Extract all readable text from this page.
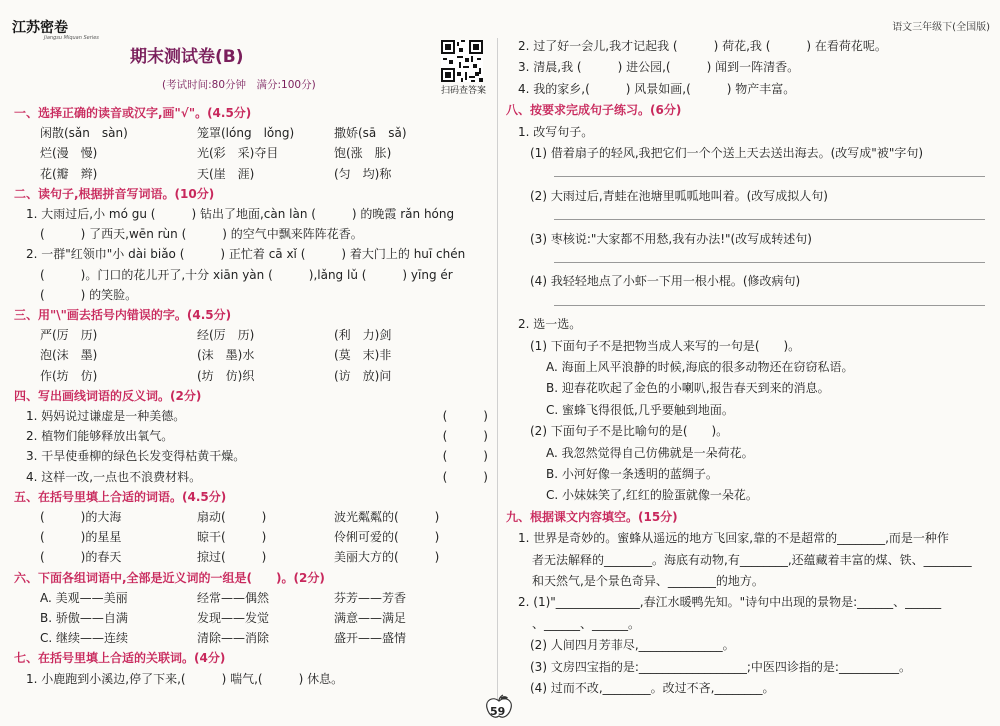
江苏密卷
Jiangsu Miquan Series
语文三年级下(全国版)
期末测试卷(B)
(考试时间:80分钟　满分:100分)	扫码查答案
59
一、选择正确的读音或汉字,画"√"。(4.5分)
闲散(sǎn　sàn)	笼罩(lóng　lǒng)	撒娇(sā　sǎ)
烂(漫　慢)	光(彩　采)夺目	饱(涨　胀)
花(瓣　辫)	天(崖　涯)	(匀　均)称
二、读句子,根据拼音写词语。(10分)
1. 大雨过后,小 mó gu (　　　) 钻出了地面,càn làn (　　　) 的晚霞 rǎn hóng
(　　　) 了西天,wēn rùn (　　　) 的空气中飘来阵阵花香。
2. 一群"红领巾"小 dài biǎo (　　　) 正忙着 cā xǐ (　　　) 着大门上的 huī chén
(　　　)。门口的花儿开了,十分 xiān yàn (　　　),lǎng lǔ (　　　) yīng ér
(　　　) 的笑脸。
三、用"\"画去括号内错误的字。(4.5分)
严(厉　历)	经(厉　历)	(利　力)剑
泡(沫　墨)	(沫　墨)水	(莫　末)非
作(坊　仿)	(坊　仿)织	(访　放)问
四、写出画线词语的反义词。(2分)
1. 妈妈说过谦虚是一种美德。	(　　　)
2. 植物们能够释放出氧气。	(　　　)
3. 干旱使垂柳的绿色长发变得枯黄干燥。	(　　　)
4. 这样一改,一点也不浪费材料。	(　　　)
五、在括号里填上合适的词语。(4.5分)
(　　　)的大海	扇动(　　　)	波光粼粼的(　　　)
(　　　)的星星	晾干(　　　)	伶俐可爱的(　　　)
(　　　)的春天	掠过(　　　)	美丽大方的(　　　)
六、下面各组词语中,全部是近义词的一组是(　　)。(2分)
A. 美观——美丽	经常——偶然	芬芳——芳香
B. 骄傲——自满	发现——发觉	满意——满足
C. 继续——连续	清除——消除	盛开——盛情
七、在括号里填上合适的关联词。(4分)
1. 小鹿跑到小溪边,停了下来,(　　　) 喘气,(　　　) 休息。
2. 过了好一会儿,我才记起我 (　　　) 荷花,我 (　　　) 在看荷花呢。
3. 清晨,我 (　　　) 进公园,(　　　) 闻到一阵清香。
4. 我的家乡,(　　　) 风景如画,(　　　) 物产丰富。
八、按要求完成句子练习。(6分)
1. 改写句子。
(1) 借着扇子的轻风,我把它们一个个送上天去送出海去。(改写成"被"字句)
(2) 大雨过后,青蛙在池塘里呱呱地叫着。(改写成拟人句)
(3) 枣核说:"大家都不用愁,我有办法!"(改写成转述句)
(4) 我轻轻地点了小虾一下用一根小棍。(修改病句)
2. 选一选。
(1) 下面句子不是把物当成人来写的一句是(　　)。
A. 海面上风平浪静的时候,海底的很多动物还在窃窃私语。
B. 迎春花吹起了金色的小喇叭,报告春天到来的消息。
C. 蜜蜂飞得很低,几乎要触到地面。
(2) 下面句子不是比喻句的是(　　)。
A. 我忽然觉得自己仿佛就是一朵荷花。
B. 小河好像一条透明的蓝绸子。
C. 小妹妹笑了,红红的脸蛋就像一朵花。
九、根据课文内容填空。(15分)
1. 世界是奇妙的。蜜蜂从遥远的地方飞回家,靠的不是超常的________,而是一种作
者无法解释的________。海底有动物,有________,还蕴藏着丰富的煤、铁、________
和天然气,是个景色奇异、________的地方。
2. (1)"______________,春江水暖鸭先知。"诗句中出现的景物是:______、______
、______、______。
(2) 人间四月芳菲尽,______________。
(3) 文房四宝指的是:__________________;中医四诊指的是:__________。
(4) 过而不改,________。改过不吝,________。
